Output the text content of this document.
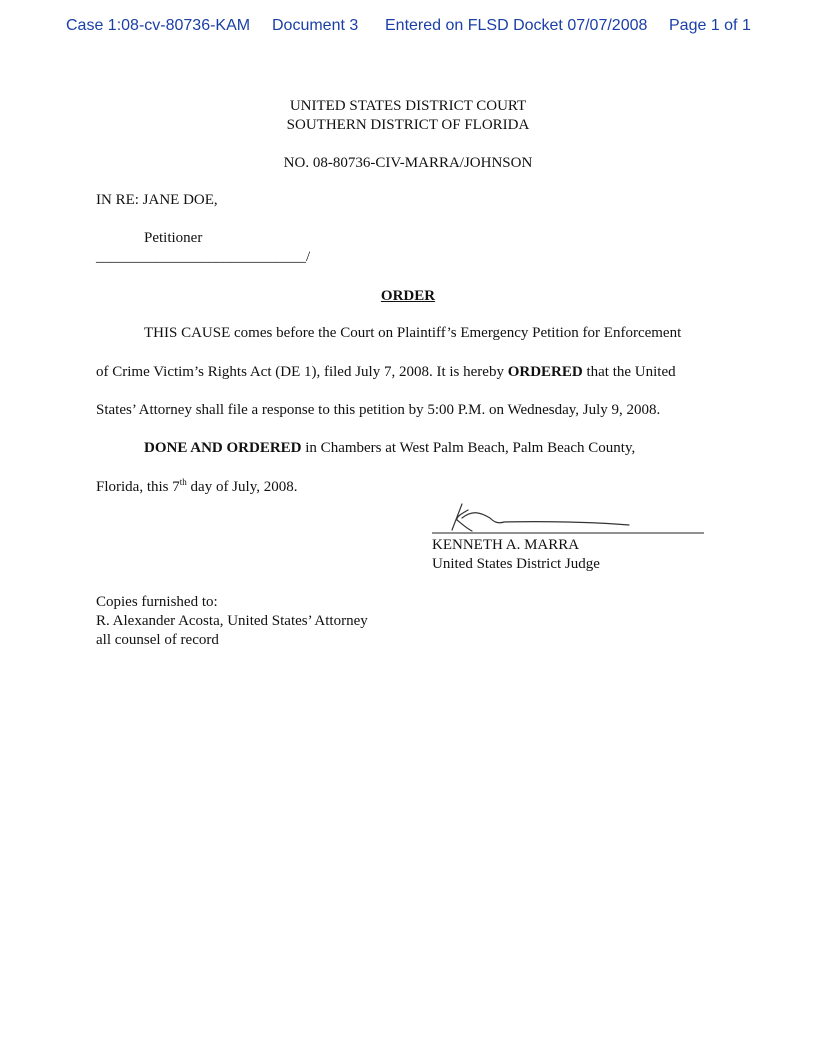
Case 1:08-cv-80736-KAM Document 3 Entered on FLSD Docket 07/07/2008 Page 1 of 1
UNITED STATES DISTRICT COURT
SOUTHERN DISTRICT OF FLORIDA
NO. 08-80736-CIV-MARRA/JOHNSON
IN RE: JANE DOE,
Petitioner
____________________________/
ORDER
THIS CAUSE comes before the Court on Plaintiff’s Emergency Petition for Enforcement
of Crime Victim’s Rights Act (DE 1), filed July 7, 2008. It is hereby ORDERED that the United
States’ Attorney shall file a response to this petition by 5:00 P.M. on Wednesday, July 9, 2008.
DONE AND ORDERED in Chambers at West Palm Beach, Palm Beach County,
Florida, this 7th day of July, 2008.
KENNETH A. MARRA
United States District Judge
Copies furnished to:
R. Alexander Acosta, United States’ Attorney
all counsel of record
